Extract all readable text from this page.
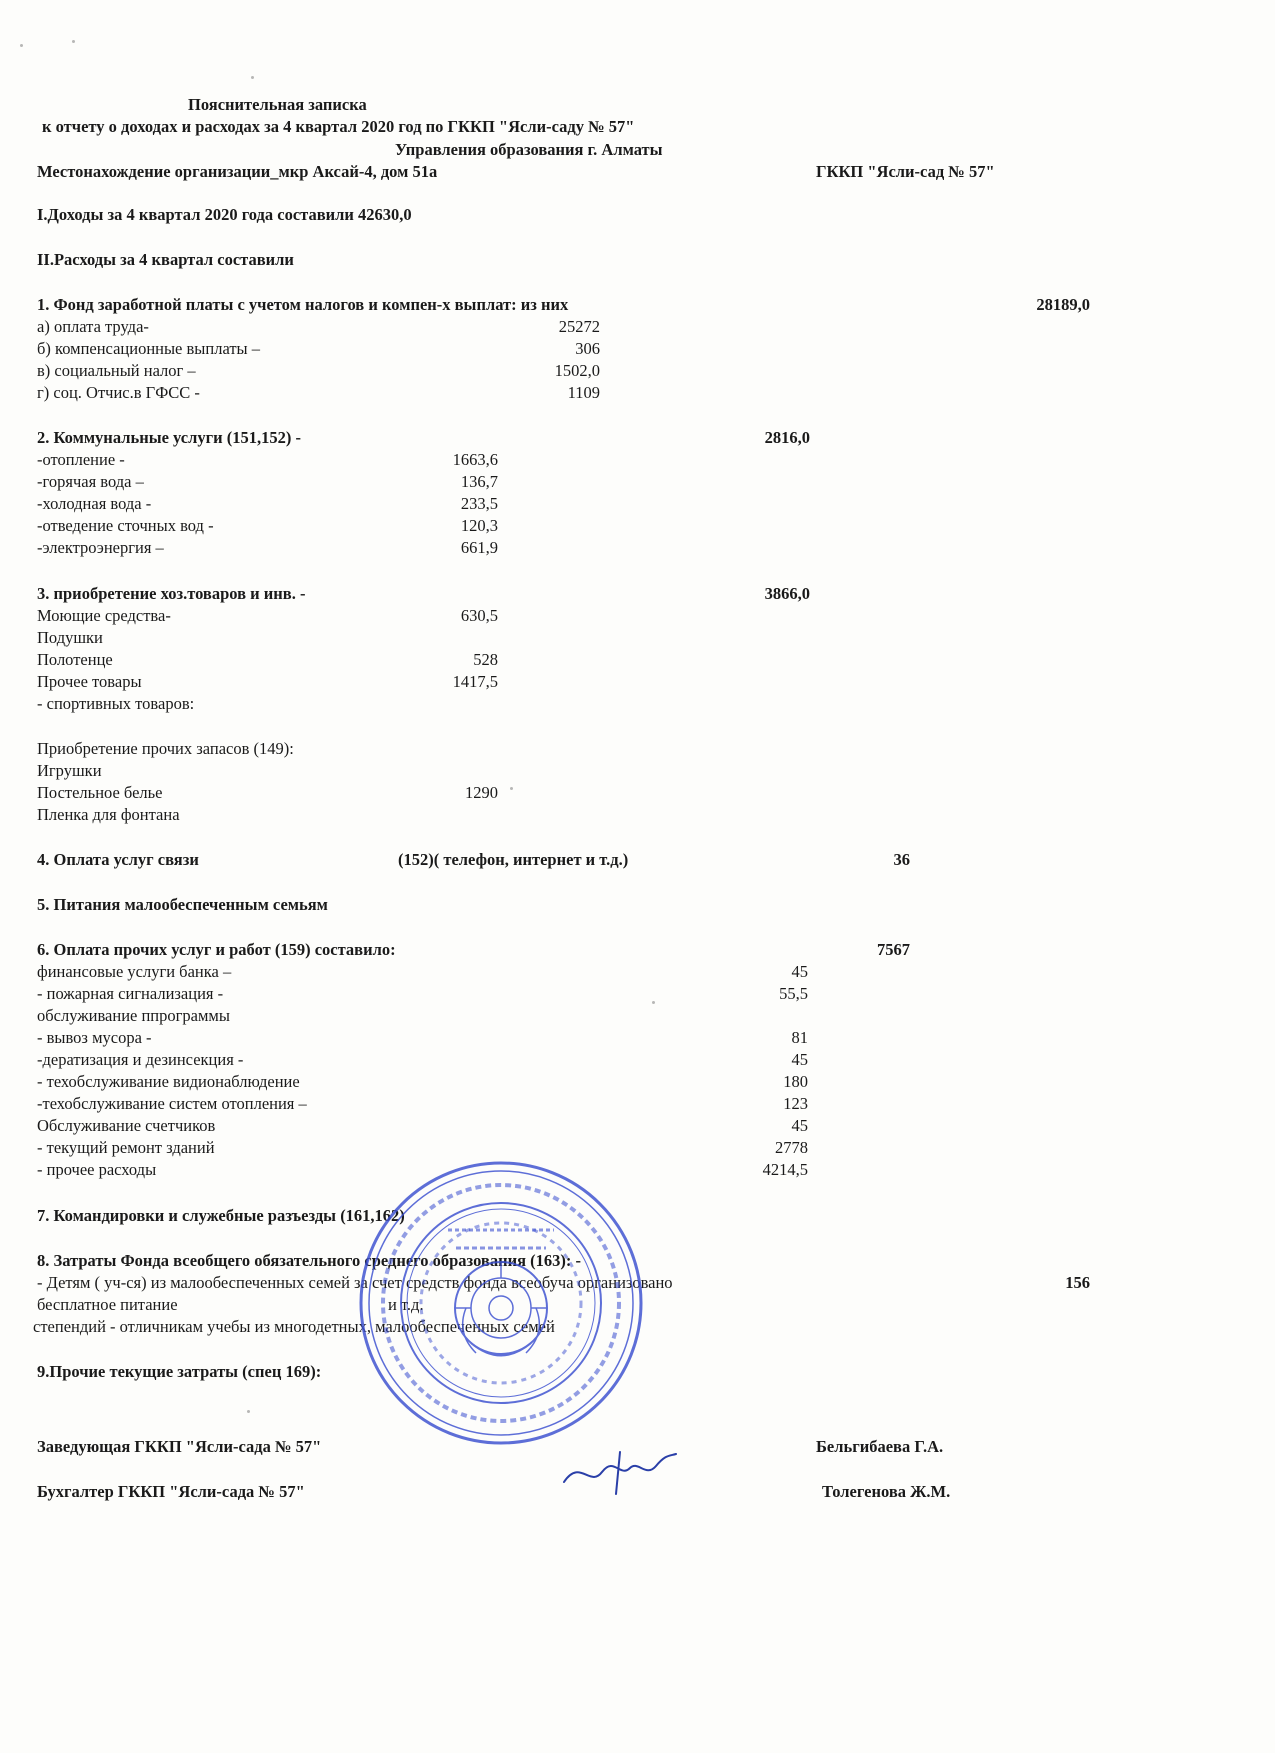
Пояснительная записка
к отчету о доходах и расходах за 4 квартал 2020 год по ГККП "Ясли-саду № 57"
Управления образования г. Алматы
Местонахождение организации_мкр Аксай-4, дом 51а	ГККП "Ясли-сад № 57"
I.Доходы за 4 квартал 2020 года составили 42630,0
II.Расходы за 4 квартал составили
1. Фонд заработной платы с учетом налогов и компен-х выплат: из них	28189,0
а) оплата труда-	25272
б) компенсационные выплаты –	306
в) социальный налог –	1502,0
г) соц. Отчис.в ГФСС -	1109
2. Коммунальные услуги (151,152) -	2816,0
-отопление -	1663,6
-горячая вода –	136,7
-холодная вода -	233,5
-отведение сточных вод -	120,3
-электроэнергия –	661,9
3. приобретение хоз.товаров и инв. -	3866,0
Моющие средства-	630,5
Подушки
Полотенце	528
Прочее товары	1417,5
- спортивных товаров:
Приобретение прочих запасов (149):
Игрушки
Постельное белье	1290
Пленка для фонтана
4. Оплата услуг связи	(152)( телефон, интернет и т.д.)	36
5. Питания малообеспеченным семьям
6. Оплата прочих услуг и работ (159) составило:	7567
финансовые услуги банка –	45
- пожарная сигнализация -	55,5
обслуживание ппрограммы
- вывоз мусора -	81
-дератизация и дезинсекция -	45
- техобслуживание видионаблюдение	180
-техобслуживание систем отопления –	123
Обслуживание счетчиков	45
- текущий ремонт зданий	2778
- прочее расходы	4214,5
7. Командировки и служебные разъезды (161,162)
8. Затраты Фонда всеобщего обязательного среднего образования (163): -
- Детям ( уч-ся) из малообеспеченных семей за счет средств фонда всеобуча организовано	156
бесплатное питание	и т.д.
степендий - отличникам учебы из многодетных, малообеспеченных семей
9.Прочие текущие затраты (спец 169):
Заведующая ГККП "Ясли-сада № 57"	Бельгибаева Г.А.
Бухгалтер ГККП "Ясли-сада № 57"	Толегенова Ж.М.
